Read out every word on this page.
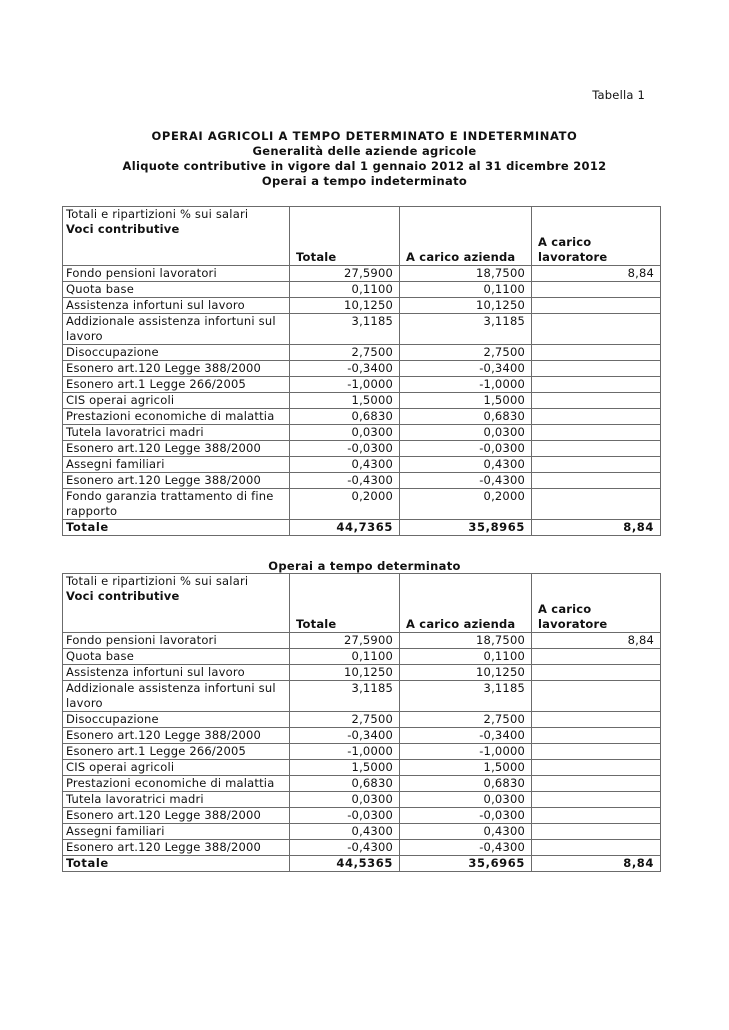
Tabella 1
OPERAI AGRICOLI A TEMPO DETERMINATO E INDETERMINATO
Generalità delle aziende agricole
Aliquote contributive in vigore dal 1 gennaio 2012 al 31 dicembre 2012
Operai a tempo indeterminato
Totali e ripartizioni % sui salari
Voci contributive	Totale	A carico azienda	A carico lavoratore
Fondo pensioni lavoratori	27,5900	18,7500	8,84
Quota base	0,1100	0,1100	
Assistenza infortuni sul lavoro	10,1250	10,1250	
Addizionale assistenza infortuni sul lavoro	3,1185	3,1185	
Disoccupazione	2,7500	2,7500	
Esonero art.120 Legge 388/2000	-0,3400	-0,3400	
Esonero art.1 Legge 266/2005	-1,0000	-1,0000	
CIS operai agricoli	1,5000	1,5000	
Prestazioni economiche di malattia	0,6830	0,6830	
Tutela lavoratrici madri	0,0300	0,0300	
Esonero art.120 Legge 388/2000	-0,0300	-0,0300	
Assegni familiari	0,4300	0,4300	
Esonero art.120 Legge 388/2000	-0,4300	-0,4300	
Fondo garanzia trattamento di fine rapporto	0,2000	0,2000	
Totale	44,7365	35,8965	8,84
Operai a tempo determinato
Totali e ripartizioni % sui salari
Voci contributive	Totale	A carico azienda	A carico lavoratore
Fondo pensioni lavoratori	27,5900	18,7500	8,84
Quota base	0,1100	0,1100	
Assistenza infortuni sul lavoro	10,1250	10,1250	
Addizionale assistenza infortuni sul lavoro	3,1185	3,1185	
Disoccupazione	2,7500	2,7500	
Esonero art.120 Legge 388/2000	-0,3400	-0,3400	
Esonero art.1 Legge 266/2005	-1,0000	-1,0000	
CIS operai agricoli	1,5000	1,5000	
Prestazioni economiche di malattia	0,6830	0,6830	
Tutela lavoratrici madri	0,0300	0,0300	
Esonero art.120 Legge 388/2000	-0,0300	-0,0300	
Assegni familiari	0,4300	0,4300	
Esonero art.120 Legge 388/2000	-0,4300	-0,4300	
Totale	44,5365	35,6965	8,84
